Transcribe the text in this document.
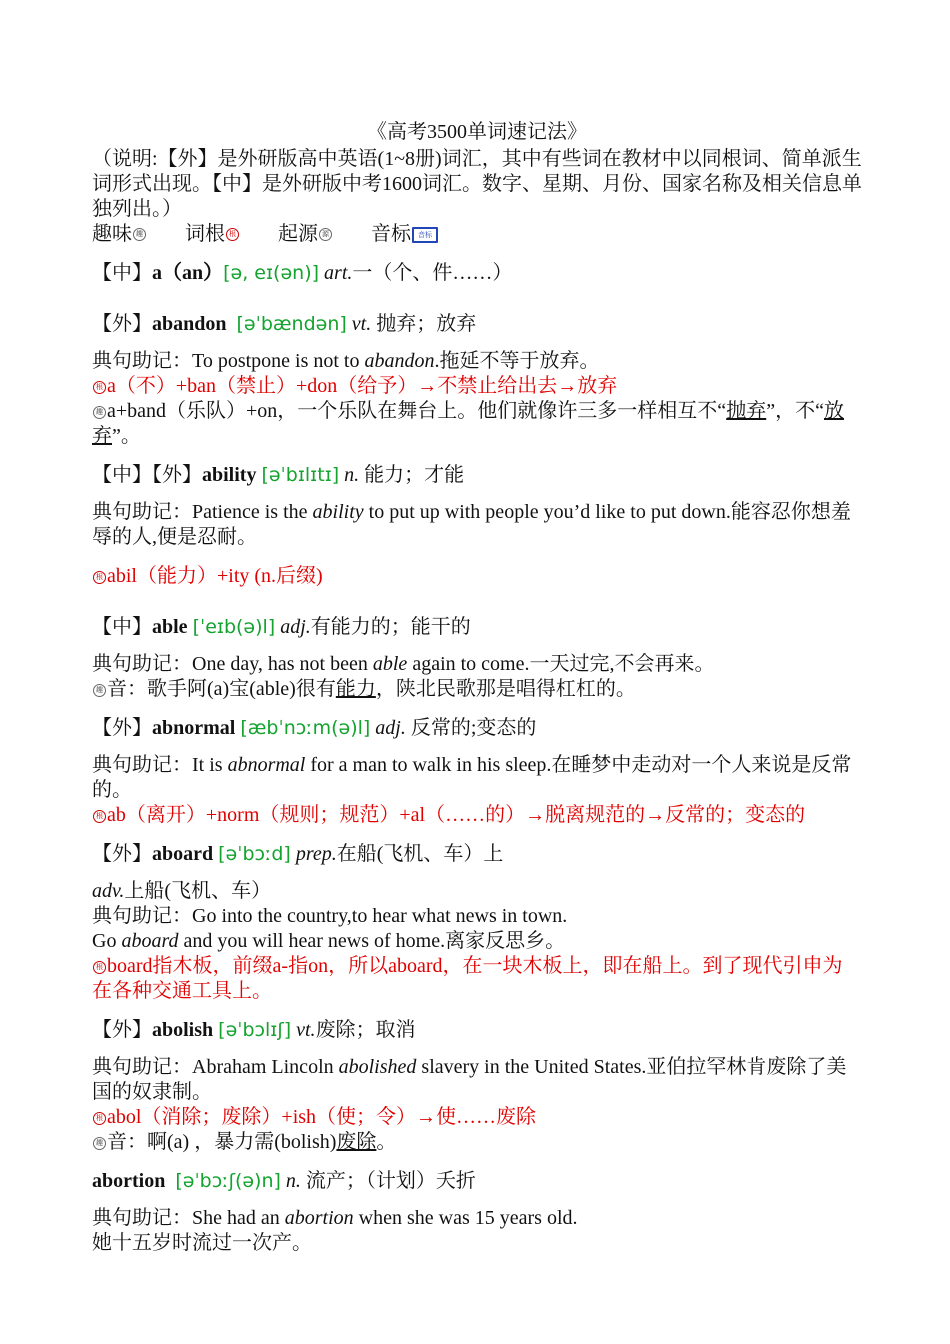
《高考3500单词速记法》
（说明:【外】是外研版高中英语(1~8册)词汇，其中有些词在教材中以同根词、简单派生词形式出现。【中】是外研版中考1600词汇。数字、星期、月份、国家名称及相关信息单独列出。）
趣味 趣 词根 根 起源 源 音标	音标
【中】a（an）[ə, eɪ(ən)] art.一（个、件……）
【外】abandon [əˈbændən] vt. 抛弃；放弃
典句助记：To postpone is not to abandon.拖延不等于放弃。
根 a（不）+ban（禁止）+don（给予）→不禁止给出去→放弃
趣 a+band（乐队）+on，一个乐队在舞台上。他们就像许三多一样相互不“抛弃”，不“放弃”。
【中】【外】ability [əˈbɪlɪtɪ] n. 能力；才能
典句助记：Patience is the ability to put up with people you’d like to put down.能容忍你想羞辱的人,便是忍耐。
根 abil（能力）+ity (n.后缀)
【中】able [ˈeɪb(ə)l] adj.有能力的；能干的
典句助记：One day, has not been able again to come.一天过完,不会再来。
趣 音：歌手阿(a)宝(able)很有能力，陕北民歌那是唱得杠杠的。
【外】abnormal [æbˈnɔːm(ə)l] adj. 反常的;变态的
典句助记：It is abnormal for a man to walk in his sleep.在睡梦中走动对一个人来说是反常的。
根 ab（离开）+norm（规则；规范）+al（……的）→脱离规范的→反常的；变态的
【外】aboard [əˈbɔːd] prep.在船(飞机、车）上
adv.上船(飞机、车）
典句助记：Go into the country,to hear what news in town.
Go aboard and you will hear news of home.离家反思乡。
根 board指木板，前缀a-指on，所以aboard，在一块木板上，即在船上。到了现代引申为在各种交通工具上。
【外】abolish [əˈbɔlɪʃ] vt.废除；取消
典句助记：Abraham Lincoln abolished slavery in the United States.亚伯拉罕林肯废除了美国的奴隶制。
根 abol（消除；废除）+ish（使；令）→使……废除
趣 音：啊(a) ，暴力需(bolish)废除。
abortion [əˈbɔːʃ(ə)n] n. 流产；（计划）夭折
典句助记：She had an abortion when she was 15 years old.
她十五岁时流过一次产。
